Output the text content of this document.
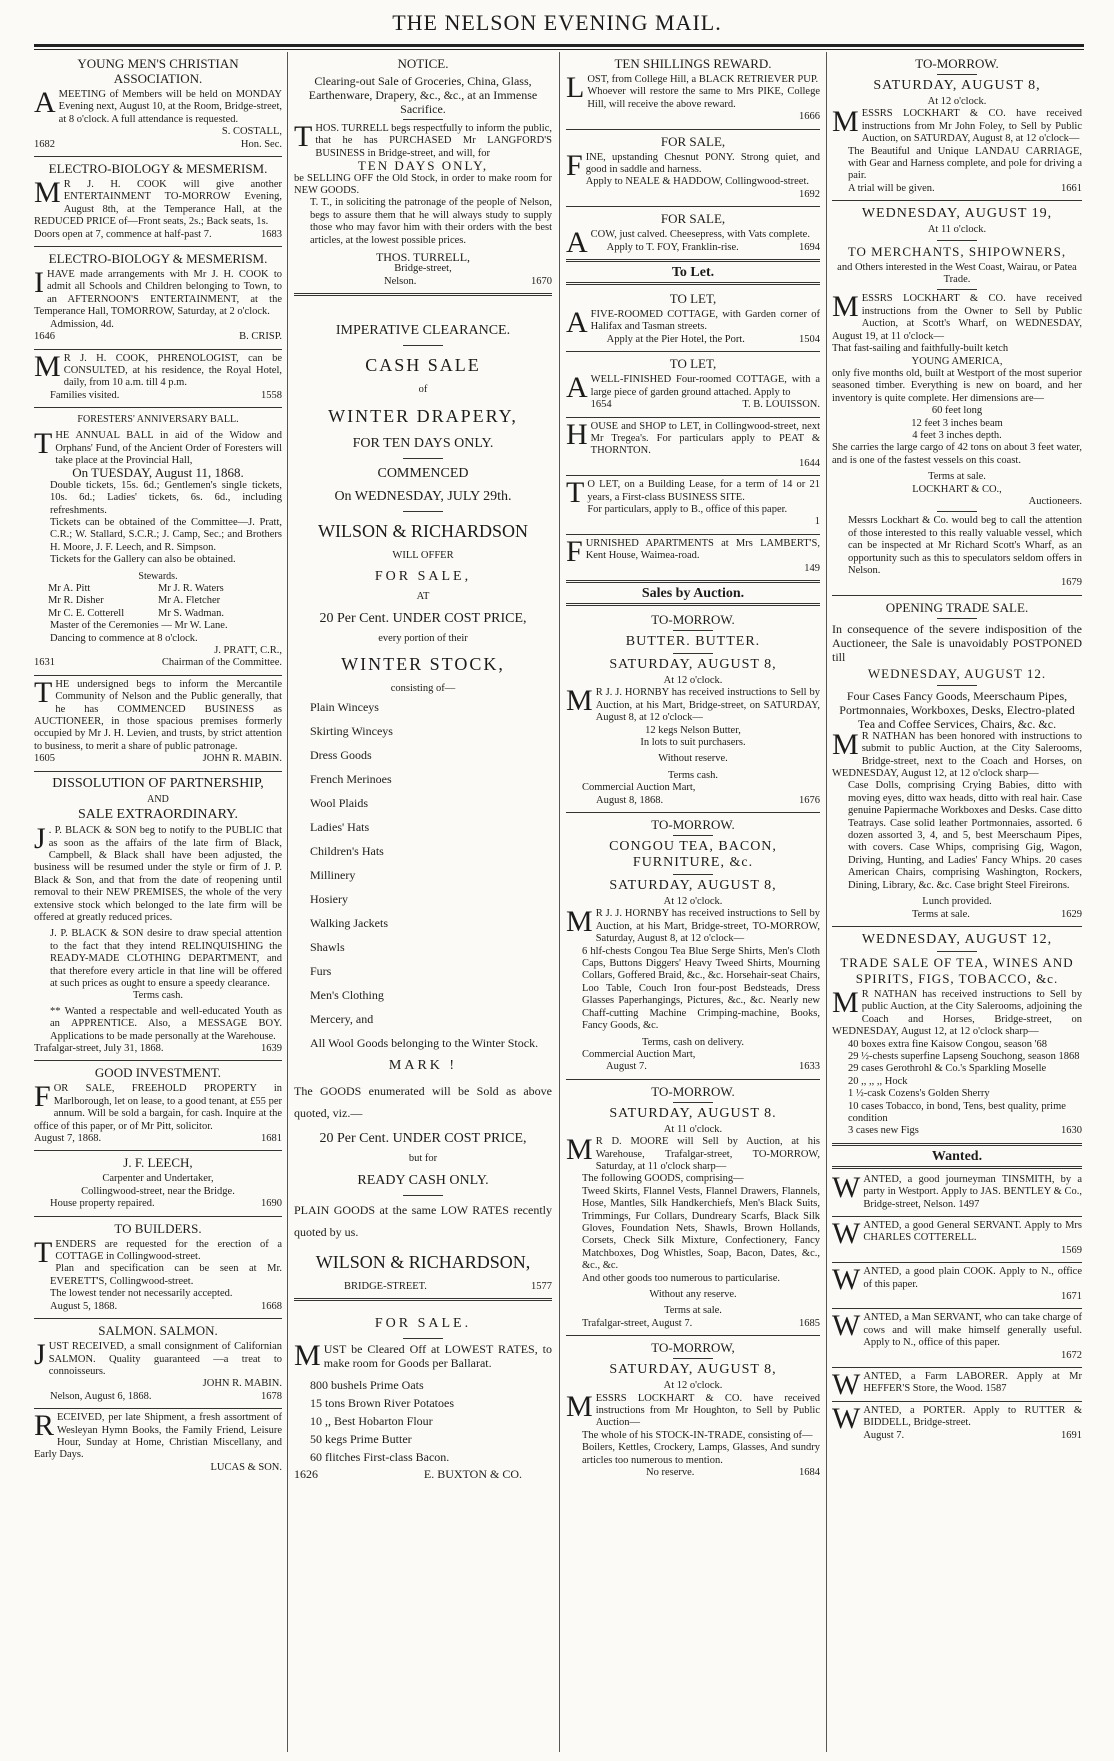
THE NELSON EVENING MAIL.
YOUNG MEN'S CHRISTIAN ASSOCIATION.

AMEETING of Members will be held on MONDAY Evening next, August 10, at the Room, Bridge-street, at 8 o'clock. A full attendance is requested.

S. COSTALL,
1682	Hon. Sec.
ELECTRO-BIOLOGY & MESMERISM.

M R J. H. COOK will give another ENTERTAINMENT TO-MORROW Evening, August 8th, at the Temperance Hall, at the REDUCED PRICE of—Front seats, 2s.; Back seats, 1s.

Doors open at 7, commence at half-past 7.	1683
ELECTRO-BIOLOGY & MESMERISM.

IHAVE made arrangements with Mr J. H. COOK to admit all Schools and Children belonging to Town, to an AFTERNOON'S ENTERTAINMENT, at the Temperance Hall, TOMORROW, Saturday, at 2 o'clock.

Admission, 4d.
1646	B. CRISP.

M R J. H. COOK, PHRENOLOGIST, can be CONSULTED, at his residence, the Royal Hotel, daily, from 10 a.m. till 4 p.m.

Families visited.	1558
FORESTERS' ANNIVERSARY BALL.

THE ANNUAL BALL in aid of the Widow and Orphans' Fund, of the Ancient Order of Foresters will take place at the Provincial Hall,

On TUESDAY, August 11, 1868.

Double tickets, 15s. 6d.; Gentlemen's single tickets, 10s. 6d.; Ladies' tickets, 6s. 6d., including refreshments.

Tickets can be obtained of the Committee—J. Pratt, C.R.; W. Stallard, S.C.R.; J. Camp, Sec.; and Brothers H. Moore, J. F. Leech, and R. Simpson.

Tickets for the Gallery can also be obtained.

Stewards.
Mr A. Pitt	Mr J. R. Waters
Mr R. Disher	Mr A. Fletcher
Mr C. E. Cotterell	Mr S. Wadman.
Master of the Ceremonies — Mr W. Lane.
Dancing to commence at 8 o'clock.
J. PRATT, C.R.,
1631	Chairman of the Committee.

THE undersigned begs to inform the Mercantile Community of Nelson and the Public generally, that he has COMMENCED BUSINESS as AUCTIONEER, in those spacious premises formerly occupied by Mr J. H. Levien, and trusts, by strict attention to business, to merit a share of public patronage.

1605	JOHN R. MABIN.
DISSOLUTION OF PARTNERSHIP,
AND
SALE EXTRAORDINARY.

J . P. BLACK & SON beg to notify to the PUBLIC that as soon as the affairs of the late firm of Black, Campbell, & Black shall have been adjusted, the business will be resumed under the style or firm of J. P. Black & Son, and that from the date of reopening until removal to their NEW PREMISES, the whole of the very extensive stock which belonged to the late firm will be offered at greatly reduced prices.

J. P. BLACK & SON desire to draw special attention to the fact that they intend RELINQUISHING the READY-MADE CLOTHING DEPARTMENT, and that therefore every article in that line will be offered at such prices as ought to ensure a speedy clearance.

Terms cash.

** Wanted a respectable and well-educated Youth as an APPRENTICE. Also, a MESSAGE BOY. Applications to be made personally at the Warehouse.

Trafalgar-street, July 31, 1868.	1639
GOOD INVESTMENT.

FOR SALE, FREEHOLD PROPERTY in Marlborough, let on lease, to a good tenant, at £55 per annum. Will be sold a bargain, for cash. Inquire at the office of this paper, or of Mr Pitt, solicitor.

August 7, 1868.	1681
J. F. LEECH,
Carpenter and Undertaker,
Collingwood-street, near the Bridge.
House property repaired.	1690
TO BUILDERS.

TENDERS are requested for the erection of a COTTAGE in Collingwood-street.

Plan and specification can be seen at Mr. EVERETT'S, Collingwood-street.

The lowest tender not necessarily accepted.
August 5, 1868.	1668
SALMON. SALMON.

JUST RECEIVED, a small consignment of Californian SALMON. Quality guaranteed —a treat to connoisseurs.

JOHN R. MABIN.
Nelson, August 6, 1868.	1678

RECEIVED, per late Shipment, a fresh assortment of Wesleyan Hymn Books, the Family Friend, Leisure Hour, Sunday at Home, Christian Miscellany, and Early Days.

LUCAS & SON.
NOTICE.
Clearing-out Sale of Groceries, China, Glass, Earthenware, Drapery, &c., &c., at an Immense Sacrifice.

THOS. TURRELL begs respectfully to inform the public, that he has PURCHASED Mr LANGFORD'S BUSINESS in Bridge-street, and will, for

TEN DAYS ONLY,

be SELLING OFF the Old Stock, in order to make room for NEW GOODS.

T. T., in soliciting the patronage of the people of Nelson, begs to assure them that he will always study to supply those who may favor him with their orders with the best articles, at the lowest possible prices.

THOS. TURRELL,
Bridge-street,
Nelson.	1670
IMPERATIVE CLEARANCE.
CASH SALE
of
WINTER DRAPERY,
FOR TEN DAYS ONLY.
COMMENCED
On WEDNESDAY, JULY 29th.
WILSON & RICHARDSON
WILL OFFER
FOR SALE,
AT
20 Per Cent. UNDER COST PRICE,
every portion of their
WINTER STOCK,
consisting of—
Plain Winceys
Skirting Winceys
Dress Goods
French Merinoes
Wool Plaids
Ladies' Hats
Children's Hats
Millinery
Hosiery
Walking Jackets
Shawls
Furs
Men's Clothing
Mercery, and
All Wool Goods belonging to the Winter Stock.
MARK !

The GOODS enumerated will be Sold as above quoted, viz.—

20 Per Cent. UNDER COST PRICE,
but for
READY CASH ONLY.

PLAIN GOODS at the same LOW RATES recently quoted by us.

WILSON & RICHARDSON,
BRIDGE-STREET.	1577
FOR SALE.

MUST be Cleared Off at LOWEST RATES, to make room for Goods per Ballarat.

800 bushels Prime Oats
15 tons Brown River Potatoes
10 ,, Best Hobarton Flour
50 kegs Prime Butter
60 flitches First-class Bacon.
1626	E. BUXTON & CO.
TEN SHILLINGS REWARD.

LOST, from College Hill, a BLACK RETRIEVER PUP.

Whoever will restore the same to Mrs PIKE, College Hill, will receive the above reward.

1666
FOR SALE,

FINE, upstanding Chesnut PONY. Strong quiet, and good in saddle and harness.

Apply to NEALE & HADDOW, Collingwood-street.

1692
FOR SALE,

ACOW, just calved. Cheesepress, with Vats complete.

Apply to T. FOY, Franklin-rise.	1694
To Let.
TO LET,

AFIVE-ROOMED COTTAGE, with Garden corner of Halifax and Tasman streets.

Apply at the Pier Hotel, the Port.	1504
TO LET,

AWELL-FINISHED Four-roomed COTTAGE, with a large piece of garden ground attached. Apply to

1654	T. B. LOUISSON.

HOUSE and SHOP to LET, in Collingwood-street, next Mr Tregea's. For particulars apply to PEAT & THORNTON.

1644

T O LET, on a Building Lease, for a term of 14 or 21 years, a First-class BUSINESS SITE.

For particulars, apply to B., office of this paper.

1

FURNISHED APARTMENTS at Mrs LAMBERT'S, Kent House, Waimea-road.

149
Sales by Auction.
TO-MORROW.
BUTTER. BUTTER.
SATURDAY, AUGUST 8,
At 12 o'clock.

M R J. J. HORNBY has received instructions to Sell by Auction, at his Mart, Bridge-street, on SATURDAY, August 8, at 12 o'clock—

12 kegs Nelson Butter,
In lots to suit purchasers.
Without reserve.
Terms cash.
Commercial Auction Mart,
August 8, 1868.	1676
TO-MORROW.
CONGOU TEA, BACON, FURNITURE, &c.
SATURDAY, AUGUST 8,
At 12 o'clock.

M R J. J. HORNBY has received instructions to Sell by Auction, at his Mart, Bridge-street, TO-MORROW, Saturday, August 8, at 12 o'clock—

6 hlf-chests Congou Tea Blue Serge Shirts, Men's Cloth Caps, Buttons Diggers' Heavy Tweed Shirts, Mourning Collars, Goffered Braid, &c., &c. Horsehair-seat Chairs, Loo Table, Couch Iron four-post Bedsteads, Dress Glasses Paperhangings, Pictures, &c., &c. Nearly new Chaff-cutting Machine Crimping-machine, Books, Fancy Goods, &c.

Terms, cash on delivery.
Commercial Auction Mart,
August 7.	1633
TO-MORROW.
SATURDAY, AUGUST 8.
At 11 o'clock.

M R D. MOORE will Sell by Auction, at his Warehouse, Trafalgar-street, TO-MORROW, Saturday, at 11 o'clock sharp—

The following GOODS, comprising—

Tweed Skirts, Flannel Vests, Flannel Drawers, Flannels, Hose, Mantles, Silk Handkerchiefs, Men's Black Suits, Trimmings, Fur Collars, Dundreary Scarfs, Black Silk Gloves, Foundation Nets, Shawls, Brown Hollands, Corsets, Check Silk Mixture, Confectionery, Fancy Matchboxes, Dog Whistles, Soap, Bacon, Dates, &c., &c., &c.

And other goods too numerous to particularise.
Without any reserve.
Terms at sale.
Trafalgar-street, August 7.	1685
TO-MORROW,
SATURDAY, AUGUST 8,
At 12 o'clock.

MESSRS LOCKHART & CO. have received instructions from Mr Houghton, to Sell by Public Auction—

The whole of his STOCK-IN-TRADE, consisting of—

Boilers, Kettles, Crockery, Lamps, Glasses, And sundry articles too numerous to mention.

No reserve.	1684
TO-MORROW.
SATURDAY, AUGUST 8,
At 12 o'clock.

MESSRS LOCKHART & CO. have received instructions from Mr John Foley, to Sell by Public Auction, on SATURDAY, August 8, at 12 o'clock—

The Beautiful and Unique LANDAU CARRIAGE, with Gear and Harness complete, and pole for driving a pair.

A trial will be given.	1661
WEDNESDAY, AUGUST 19,
At 11 o'clock.
TO MERCHANTS, SHIPOWNERS,
and Others interested in the West Coast, Wairau, or Patea Trade.

MESSRS LOCKHART & CO. have received instructions from the Owner to Sell by Public Auction, at Scott's Wharf, on WEDNESDAY, August 19, at 11 o'clock—

That fast-sailing and faithfully-built ketch
YOUNG AMERICA,

only five months old, built at Westport of the most superior seasoned timber. Everything is new on board, and her inventory is quite complete. Her dimensions are—

60 feet long
12 feet 3 inches beam
4 feet 3 inches depth.

She carries the large cargo of 42 tons on about 3 feet water, and is one of the fastest vessels on this coast.

Terms at sale.
LOCKHART & CO.,
Auctioneers.

Messrs Lockhart & Co. would beg to call the attention of those interested to this really valuable vessel, which can be inspected at Mr Richard Scott's Wharf, as an opportunity such as this to speculators seldom offers in Nelson.

1679
OPENING TRADE SALE.

In consequence of the severe indisposition of the Auctioneer, the Sale is unavoidably POSTPONED till

WEDNESDAY, AUGUST 12.

Four Cases Fancy Goods, Meerschaum Pipes, Portmonnaies, Workboxes, Desks, Electro-plated Tea and Coffee Services, Chairs, &c. &c.

M R NATHAN has been honored with instructions to submit to public Auction, at the City Salerooms, Bridge-street, next to the Coach and Horses, on WEDNESDAY, August 12, at 12 o'clock sharp—

Case Dolls, comprising Crying Babies, ditto with moving eyes, ditto wax heads, ditto with real hair. Case genuine Papiermache Workboxes and Desks. Case ditto Teatrays. Case solid leather Portmonnaies, assorted. 6 dozen assorted 3, 4, and 5, best Meerschaum Pipes, with covers. Case Whips, comprising Gig, Wagon, Driving, Hunting, and Ladies' Fancy Whips. 20 cases American Chairs, comprising Washington, Rockers, Dining, Library, &c. &c. Case bright Steel Fireirons.

Lunch provided.
Terms at sale.	1629
WEDNESDAY, AUGUST 12,
TRADE SALE OF TEA, WINES AND SPIRITS, FIGS, TOBACCO, &c.

M R NATHAN has received instructions to Sell by public Auction, at the City Salerooms, adjoining the Coach and Horses, Bridge-street, on WEDNESDAY, August 12, at 12 o'clock sharp—

40 boxes extra fine Kaisow Congou, season '68
29 ½-chests superfine Lapseng Souchong, season 1868
29 cases Gerothrohl & Co.'s Sparkling Moselle
20 ,, ,, ,, Hock
1 ½-cask Cozens's Golden Sherry
10 cases Tobacco, in bond, Tens, best quality, prime condition
3 cases new Figs	1630
Wanted.

WANTED, a good journeyman TINSMITH, by a party in Westport. Apply to JAS. BENTLEY & Co., Bridge-street, Nelson. 1497

WANTED, a good General SERVANT. Apply to Mrs CHARLES COTTERELL.

1569

WANTED, a good plain COOK. Apply to N., office of this paper.

1671

WANTED, a Man SERVANT, who can take charge of cows and will make himself generally useful. Apply to N., office of this paper.

1672

WANTED, a Farm LABORER. Apply at Mr HEFFER'S Store, the Wood. 1587

WANTED, a PORTER. Apply to RUTTER & BIDDELL, Bridge-street.

August 7.	1691
